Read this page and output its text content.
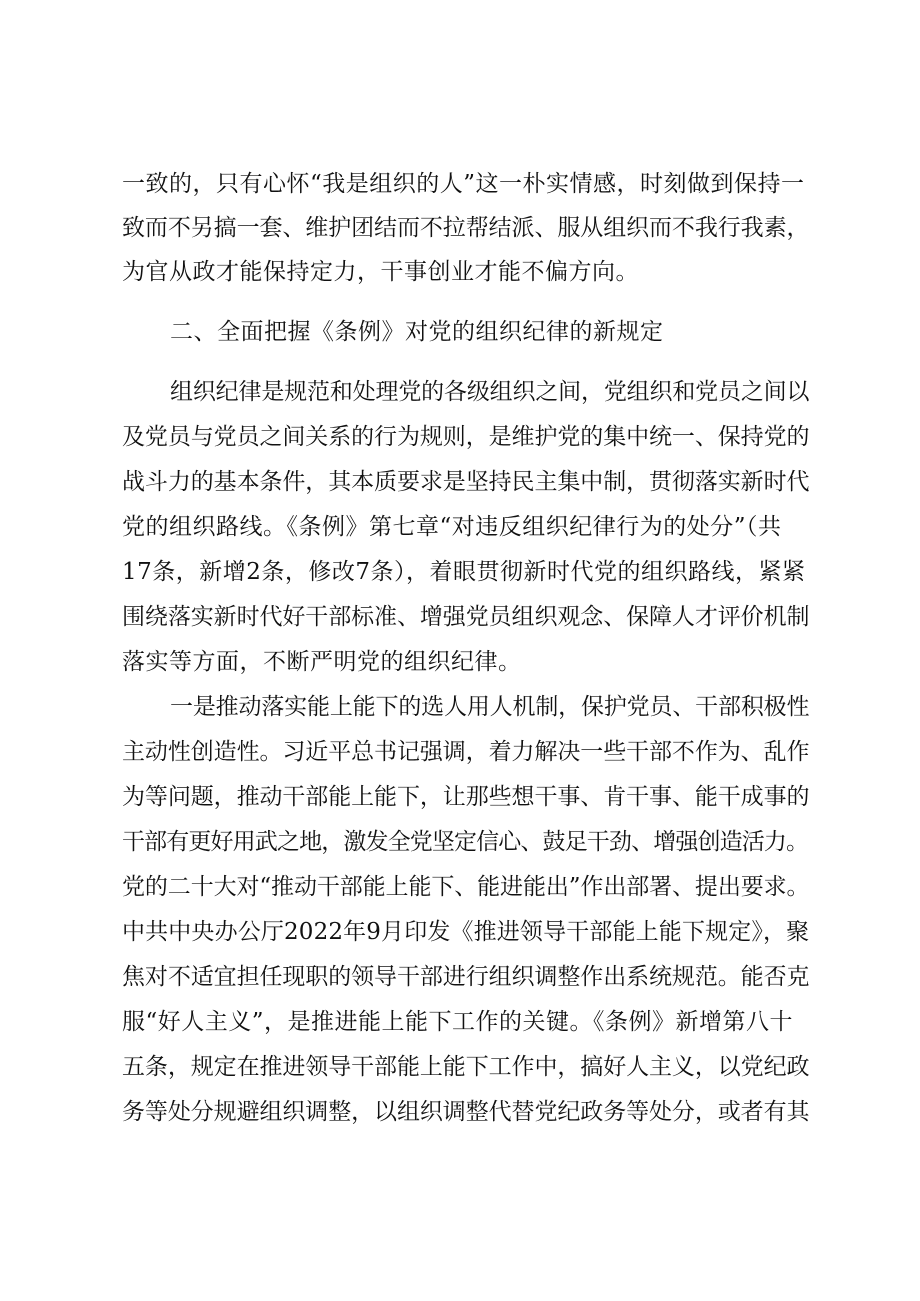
一致的，只有心怀“我是组织的人”这一朴实情感，时刻做到保持一
致而不另搞一套、维护团结而不拉帮结派、服从组织而不我行我素，
为官从政才能保持定力，干事创业才能不偏方向。
二、全面把握《条例》对党的组织纪律的新规定
组织纪律是规范和处理党的各级组织之间，党组织和党员之间以
及党员与党员之间关系的行为规则，是维护党的集中统一、保持党的
战斗力的基本条件，其本质要求是坚持民主集中制，贯彻落实新时代
党的组织路线。《条例》第七章“对违反组织纪律行为的处分”（共
17条，新增2条，修改7条），着眼贯彻新时代党的组织路线，紧紧
围绕落实新时代好干部标准、增强党员组织观念、保障人才评价机制
落实等方面，不断严明党的组织纪律。
一是推动落实能上能下的选人用人机制，保护党员、干部积极性
主动性创造性。习近平总书记强调，着力解决一些干部不作为、乱作
为等问题，推动干部能上能下，让那些想干事、肯干事、能干成事的
干部有更好用武之地，激发全党坚定信心、鼓足干劲、增强创造活力。
党的二十大对“推动干部能上能下、能进能出”作出部署、提出要求。
中共中央办公厅2022年9月印发《推进领导干部能上能下规定》，聚
焦对不适宜担任现职的领导干部进行组织调整作出系统规范。能否克
服“好人主义”，是推进能上能下工作的关键。《条例》新增第八十
五条，规定在推进领导干部能上能下工作中，搞好人主义，以党纪政
务等处分规避组织调整，以组织调整代替党纪政务等处分，或者有其
